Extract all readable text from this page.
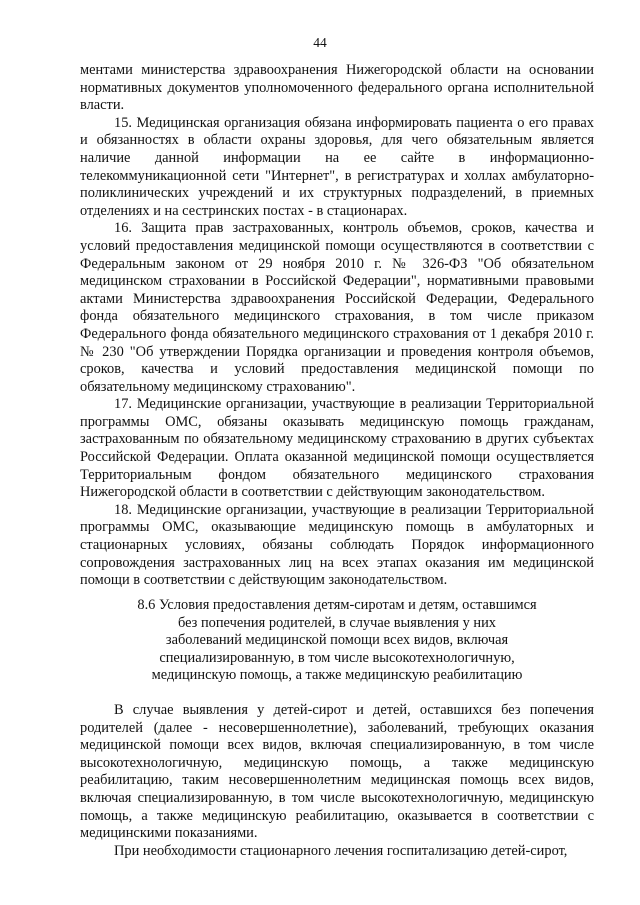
44

ментами министерства здравоохранения Нижегородской области на основании нормативных документов уполномоченного федерального органа исполнительной власти.

15. Медицинская организация обязана информировать пациента о его правах и обязанностях в области охраны здоровья, для чего обязательным является наличие данной информации на ее сайте в информационно-телекоммуникационной сети "Интернет", в регистратурах и холлах амбулаторно-поликлинических учреждений и их структурных подразделений, в приемных отделениях и на сестринских постах - в стационарах.

16. Защита прав застрахованных, контроль объемов, сроков, качества и условий предоставления медицинской помощи осуществляются в соответствии с Федеральным законом от 29 ноября 2010 г. № 326-ФЗ "Об обязательном медицинском страховании в Российской Федерации", нормативными правовыми актами Министерства здравоохранения Российской Федерации, Федерального фонда обязательного медицинского страхования, в том числе приказом Федерального фонда обязательного медицинского страхования от 1 декабря 2010 г. № 230 "Об утверждении Порядка организации и проведения контроля объемов, сроков, качества и условий предоставления медицинской помощи по обязательному медицинскому страхованию".

17. Медицинские организации, участвующие в реализации Территориальной программы ОМС, обязаны оказывать медицинскую помощь гражданам, застрахованным по обязательному медицинскому страхованию в других субъектах Российской Федерации. Оплата оказанной медицинской помощи осуществляется Территориальным фондом обязательного медицинского страхования Нижегородской области в соответствии с действующим законодательством.

18. Медицинские организации, участвующие в реализации Территориальной программы ОМС, оказывающие медицинскую помощь в амбулаторных и стационарных условиях, обязаны соблюдать Порядок информационного сопровождения застрахованных лиц на всех этапах оказания им медицинской помощи в соответствии с действующим законодательством.

8.6 Условия предоставления детям-сиротам и детям, оставшимся
без попечения родителей, в случае выявления у них
заболеваний медицинской помощи всех видов, включая
специализированную, в том числе высокотехнологичную,
медицинскую помощь, а также медицинскую реабилитацию

В случае выявления у детей-сирот и детей, оставшихся без попечения родителей (далее - несовершеннолетние), заболеваний, требующих оказания медицинской помощи всех видов, включая специализированную, в том числе высокотехнологичную, медицинскую помощь, а также медицинскую реабилитацию, таким несовершеннолетним медицинская помощь всех видов, включая специализированную, в том числе высокотехнологичную, медицинскую помощь, а также медицинскую реабилитацию, оказывается в соответствии с медицинскими показаниями.

При необходимости стационарного лечения госпитализацию детей-сирот,
